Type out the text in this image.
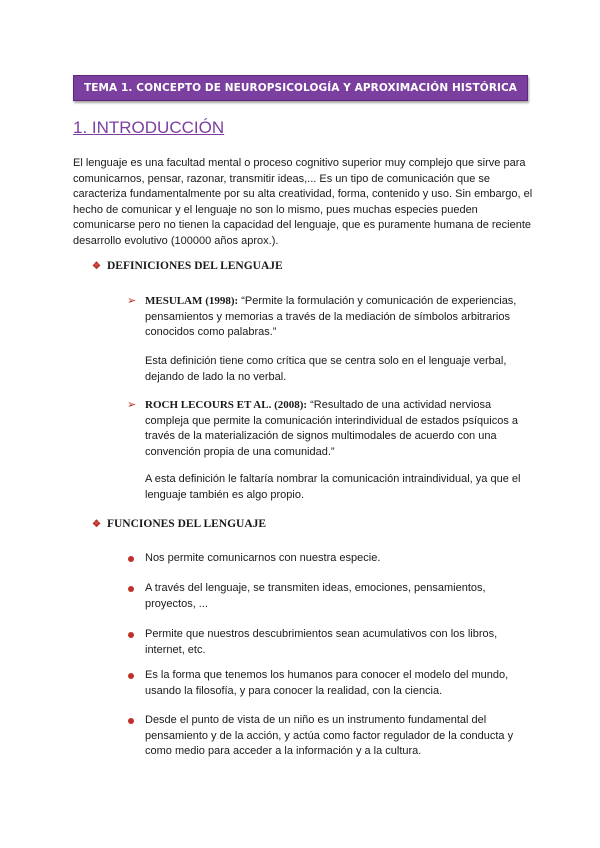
TEMA 1. CONCEPTO DE NEUROPSICOLOGÍA Y APROXIMACIÓN HISTÓRICA
1. INTRODUCCIÓN
El lenguaje es una facultad mental o proceso cognitivo superior muy complejo que sirve para comunicarnos, pensar, razonar, transmitir ideas,... Es un tipo de comunicación que se caracteriza fundamentalmente por su alta creatividad, forma, contenido y uso. Sin embargo, el hecho de comunicar y el lenguaje no son lo mismo, pues muchas especies pueden comunicarse pero no tienen la capacidad del lenguaje, que es puramente humana de reciente desarrollo evolutivo (100000 años aprox.).
❖ DEFINICIONES DEL LENGUAJE
➢ MESULAM (1998): “Permite la formulación y comunicación de experiencias, pensamientos y memorias a través de la mediación de símbolos arbitrarios conocidos como palabras.”
Esta definición tiene como crítica que se centra solo en el lenguaje verbal, dejando de lado la no verbal.
➢ ROCH LECOURS ET AL. (2008): “Resultado de una actividad nerviosa compleja que permite la comunicación interindividual de estados psíquicos a través de la materialización de signos multimodales de acuerdo con una convención propia de una comunidad.”
A esta definición le faltaría nombrar la comunicación intraindividual, ya que el lenguaje también es algo propio.
❖ FUNCIONES DEL LENGUAJE
Nos permite comunicarnos con nuestra especie.
A través del lenguaje, se transmiten ideas, emociones, pensamientos, proyectos, ...
Permite que nuestros descubrimientos sean acumulativos con los libros, internet, etc.
Es la forma que tenemos los humanos para conocer el modelo del mundo, usando la filosofía, y para conocer la realidad, con la ciencia.
Desde el punto de vista de un niño es un instrumento fundamental del pensamiento y de la acción, y actúa como factor regulador de la conducta y como medio para acceder a la información y a la cultura.
